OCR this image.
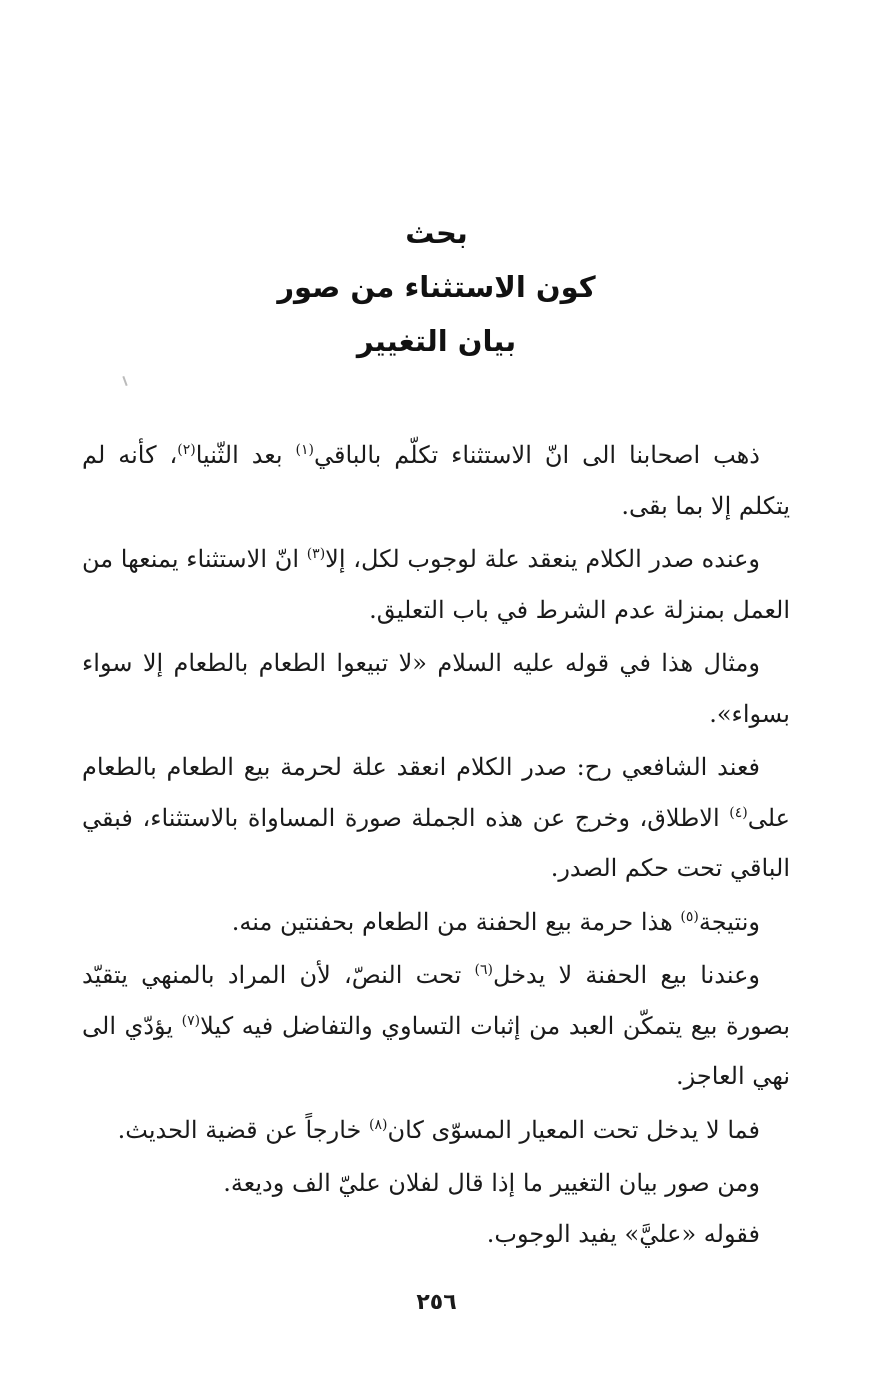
بحث

كون الاستثناء من صور

بيان التغيير

ذهب اصحابنا الى انّ الاستثناء تكلّم بالباقي$^{(١)}$ بعد الثّنيا$^{(٢)}$، كأنه لم يتكلم إلا بما بقى.

وعنده صدر الكلام ينعقد علة لوجوب لكل، إلا$^{(٣)}$ انّ الاستثناء يمنعها من العمل بمنزلة عدم الشرط في باب التعليق.

ومثال هذا في قوله عليه السلام «لا تبيعوا الطعام بالطعام إلا سواء بسواء».

فعند الشافعي رح: صدر الكلام انعقد علة لحرمة بيع الطعام بالطعام على$^{(٤)}$ الاطلاق، وخرج عن هذه الجملة صورة المساواة بالاستثناء، فبقي الباقي تحت حكم الصدر.

ونتيجة$^{(٥)}$ هذا حرمة بيع الحفنة من الطعام بحفنتين منه.

وعندنا بيع الحفنة لا يدخل$^{(٦)}$ تحت النصّ، لأن المراد بالمنهي يتقيّد بصورة بيع يتمكّن العبد من إثبات التساوي والتفاضل فيه كيلا$^{(٧)}$ يؤدّي الى نهي العاجز.

فما لا يدخل تحت المعيار المسوّى كان$^{(٨)}$ خارجاً عن قضية الحديث.

ومن صور بيان التغيير ما إذا قال لفلان عليّ الف وديعة.

فقوله «عليَّ» يفيد الوجوب.

٢٥٦
